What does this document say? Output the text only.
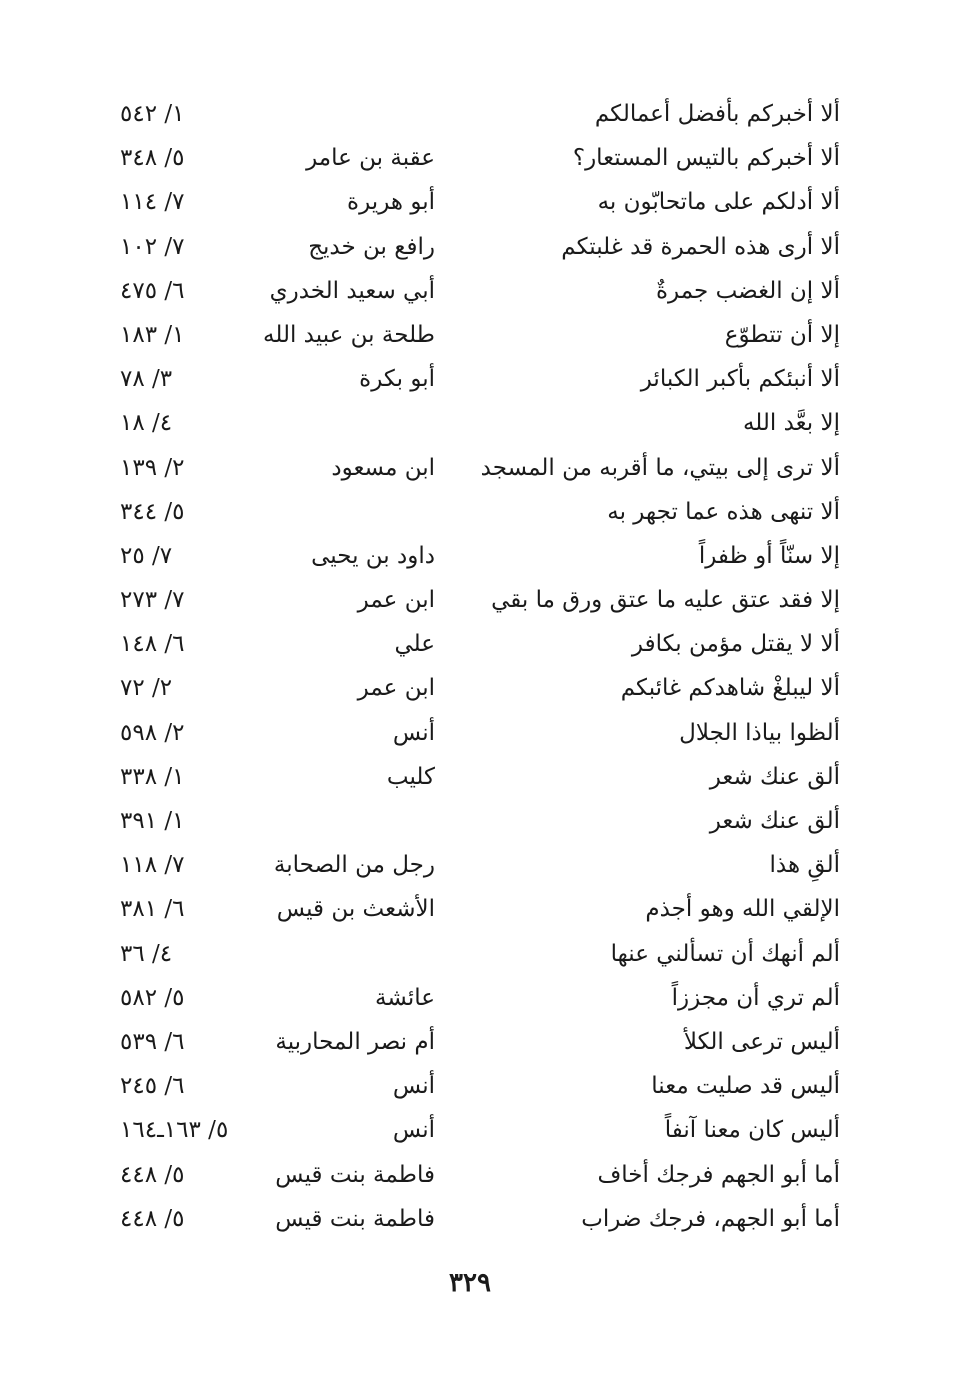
ألا أخبركم بأفضل أعمالكم
١/ ٥٤٢
ألا أخبركم بالتيس المستعار؟
عقبة بن عامر
٥/ ٣٤٨
ألا أدلكم على ماتحابّون به
أبو هريرة
٧/ ١١٤
ألا أرى هذه الحمرة قد غلبتكم
رافع بن خديج
٧/ ١٠٢
ألا إن الغضب جمرةٌ
أبي سعيد الخدري
٦/ ٤٧٥
إلا أن تتطوّع
طلحة بن عبيد الله
١/ ١٨٣
ألا أنبئكم بأكبر الكبائر
أبو بكرة
٣/ ٧٨
إلا بعَّد الله
٤/ ١٨
ألا ترى إلى بيتي، ما أقربه من المسجد
ابن مسعود
٢/ ١٣٩
ألا تنهى هذه عما تجهر به
٥/ ٣٤٤
إلا سنّاً أو ظفراً
داود بن يحيى
٧/ ٢٥
إلا فقد عتق عليه ما عتق ورق ما بقي
ابن عمر
٧/ ٢٧٣
ألا لا يقتل مؤمن بكافر
علي
٦/ ١٤٨
ألا ليبلغْ شاهدكم غائبكم
ابن عمر
٢/ ٧٢
ألظوا بياذا الجلال
أنس
٢/ ٥٩٨
ألق عنك شعر
كليب
١/ ٣٣٨
ألق عنك شعر
١/ ٣٩١
ألقِ هذا
رجل من الصحابة
٧/ ١١٨
الإلقي الله وهو أجذم
الأشعث بن قيس
٦/ ٣٨١
ألم أنهك أن تسألني عنها
٤/ ٣٦
ألم تري أن مجززاً
عائشة
٥/ ٥٨٢
أليس ترعى الكلأ
أم نصر المحاربية
٦/ ٥٣٩
أليس قد صليت معنا
أنس
٦/ ٢٤٥
أليس كان معنا آنفاً
أنس
٥/ ١٦٣ـ١٦٤
أما أبو الجهم فرجك أخاف
فاطمة بنت قيس
٥/ ٤٤٨
أما أبو الجهم، فرجك ضراب
فاطمة بنت قيس
٥/ ٤٤٨
٣٢٩
